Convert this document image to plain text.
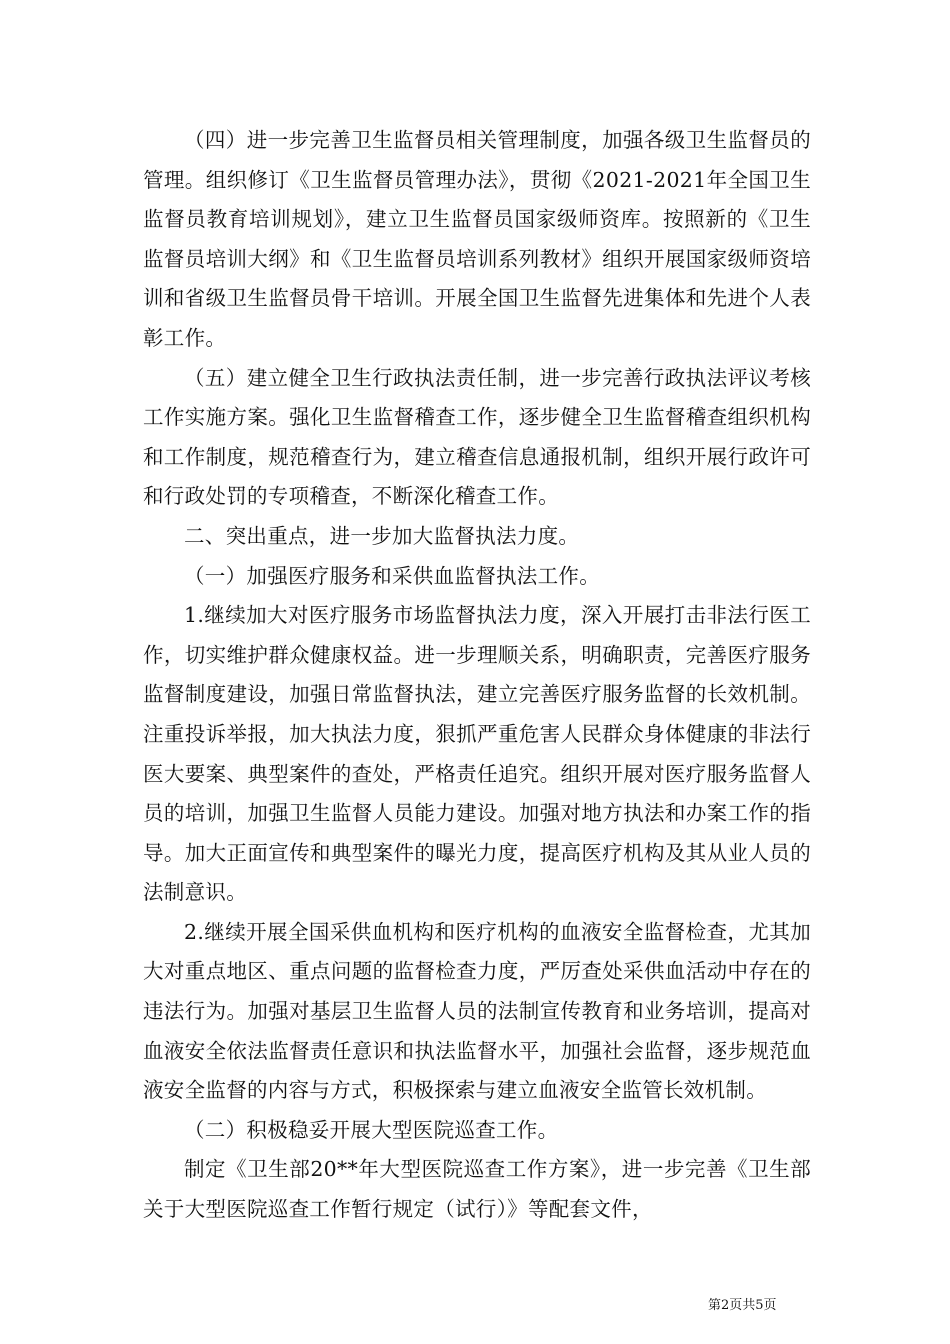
（四）进一步完善卫生监督员相关管理制度，加强各级卫生监督员的管理。组织修订《卫生监督员管理办法》，贯彻《2021-2021年全国卫生监督员教育培训规划》，建立卫生监督员国家级师资库。按照新的《卫生监督员培训大纲》和《卫生监督员培训系列教材》组织开展国家级师资培训和省级卫生监督员骨干培训。开展全国卫生监督先进集体和先进个人表彰工作。

（五）建立健全卫生行政执法责任制，进一步完善行政执法评议考核工作实施方案。强化卫生监督稽查工作，逐步健全卫生监督稽查组织机构和工作制度，规范稽查行为，建立稽查信息通报机制，组织开展行政许可和行政处罚的专项稽查，不断深化稽查工作。

二、突出重点，进一步加大监督执法力度。

（一）加强医疗服务和采供血监督执法工作。

1.继续加大对医疗服务市场监督执法力度，深入开展打击非法行医工作，切实维护群众健康权益。进一步理顺关系，明确职责，完善医疗服务监督制度建设，加强日常监督执法，建立完善医疗服务监督的长效机制。注重投诉举报，加大执法力度，狠抓严重危害人民群众身体健康的非法行医大要案、典型案件的查处，严格责任追究。组织开展对医疗服务监督人员的培训，加强卫生监督人员能力建设。加强对地方执法和办案工作的指导。加大正面宣传和典型案件的曝光力度，提高医疗机构及其从业人员的法制意识。

2.继续开展全国采供血机构和医疗机构的血液安全监督检查，尤其加大对重点地区、重点问题的监督检查力度，严厉查处采供血活动中存在的违法行为。加强对基层卫生监督人员的法制宣传教育和业务培训，提高对血液安全依法监督责任意识和执法监督水平，加强社会监督，逐步规范血液安全监督的内容与方式，积极探索与建立血液安全监管长效机制。

（二）积极稳妥开展大型医院巡查工作。

制定《卫生部20**年大型医院巡查工作方案》，进一步完善《卫生部关于大型医院巡查工作暂行规定（试行）》等配套文件，

第2页共5页
